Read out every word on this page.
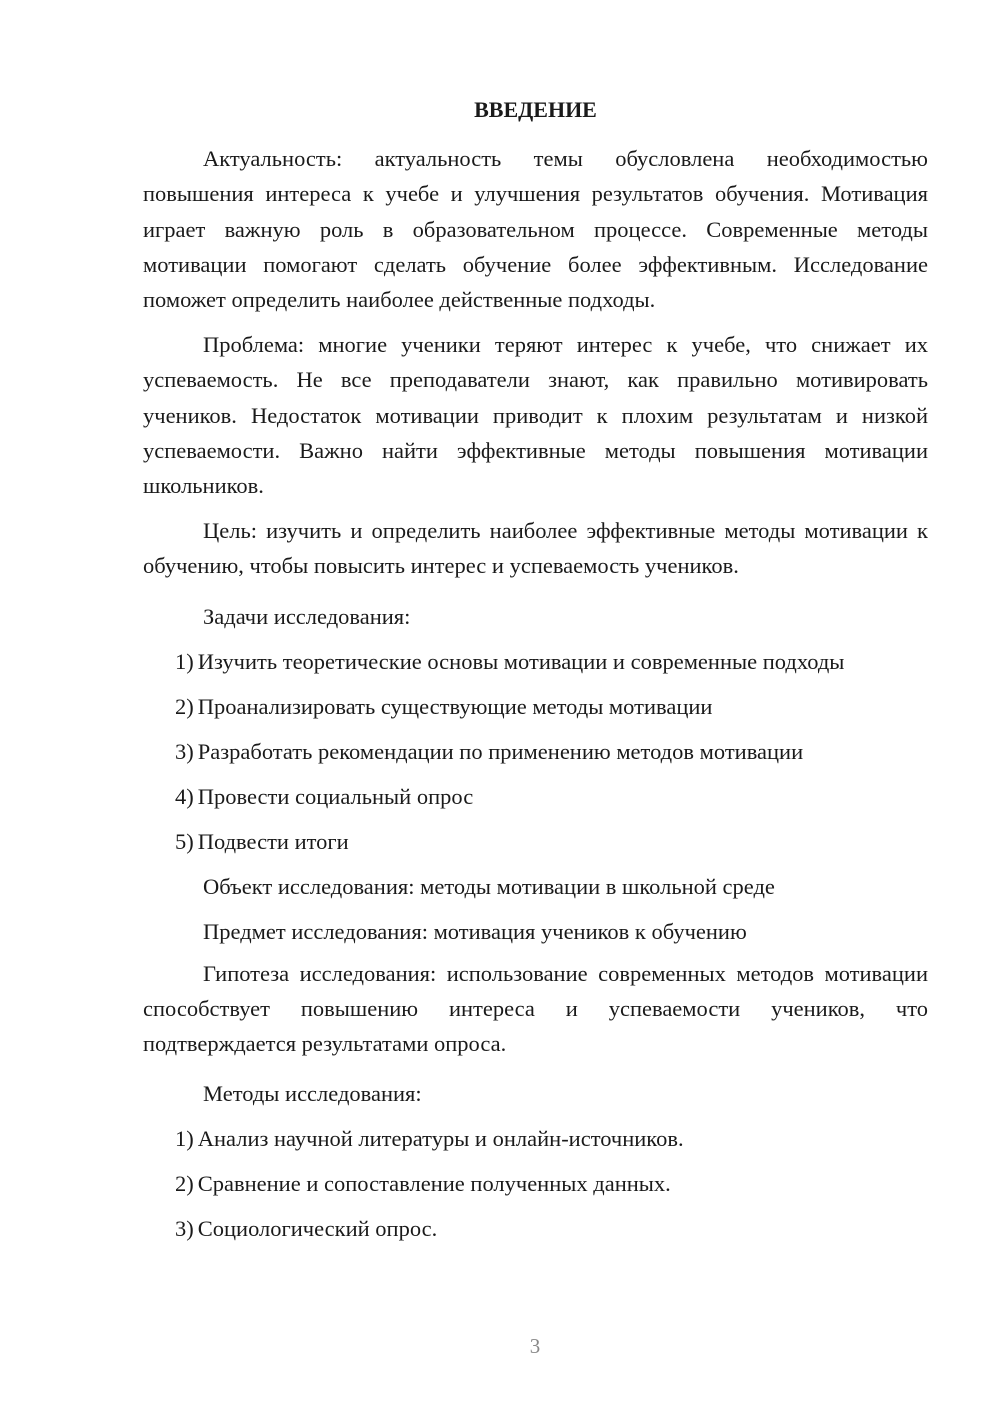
ВВЕДЕНИЕ

Актуальность: актуальность темы обусловлена необходимостью повышения интереса к учебе и улучшения результатов обучения. Мотивация играет важную роль в образовательном процессе. Современные методы мотивации помогают сделать обучение более эффективным. Исследование поможет определить наиболее действенные подходы.

Проблема: многие ученики теряют интерес к учебе, что снижает их успеваемость. Не все преподаватели знают, как правильно мотивировать учеников. Недостаток мотивации приводит к плохим результатам и низкой успеваемости. Важно найти эффективные методы повышения мотивации школьников.

Цель: изучить и определить наиболее эффективные методы мотивации к обучению, чтобы повысить интерес и успеваемость учеников.

Задачи исследования:

1) Изучить теоретические основы мотивации и современные подходы

2) Проанализировать существующие методы мотивации

3) Разработать рекомендации по применению методов мотивации

4) Провести социальный опрос

5) Подвести итоги

Объект исследования: методы мотивации в школьной среде

Предмет исследования: мотивация учеников к обучению

Гипотеза исследования: использование современных методов мотивации способствует повышению интереса и успеваемости учеников, что подтверждается результатами опроса.

Методы исследования:

1) Анализ научной литературы и онлайн-источников.

2) Сравнение и сопоставление полученных данных.

3) Социологический опрос.

3
